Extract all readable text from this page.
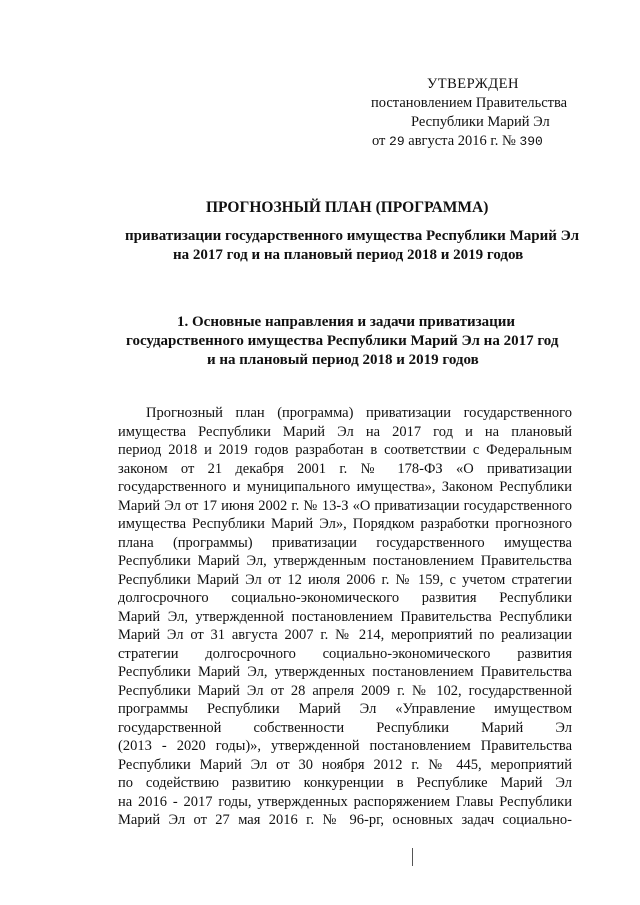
УТВЕРЖДЕН
постановлением Правительства
Республики Марий Эл
от 29 августа 2016 г. № 390
ПРОГНОЗНЫЙ ПЛАН (ПРОГРАММА)
приватизации государственного имущества Республики Марий Эл
на 2017 год и на плановый период 2018 и 2019 годов
1. Основные направления и задачи приватизации
государственного имущества Республики Марий Эл на 2017 год
и на плановый период 2018 и 2019 годов
Прогнозный план (программа) приватизации государственного
имущества Республики Марий Эл на 2017 год и на плановый
период 2018 и 2019 годов разработан в соответствии с Федеральным
законом от 21 декабря 2001 г. № 178-ФЗ «О приватизации
государственного и муниципального имущества», Законом Республики
Марий Эл от 17 июня 2002 г. № 13-З «О приватизации государственного
имущества Республики Марий Эл», Порядком разработки прогнозного
плана (программы) приватизации государственного имущества
Республики Марий Эл, утвержденным постановлением Правительства
Республики Марий Эл от 12 июля 2006 г. № 159, с учетом стратегии
долгосрочного социально-экономического развития Республики
Марий Эл, утвержденной постановлением Правительства Республики
Марий Эл от 31 августа 2007 г. № 214, мероприятий по реализации
стратегии долгосрочного социально-экономического развития
Республики Марий Эл, утвержденных постановлением Правительства
Республики Марий Эл от 28 апреля 2009 г. № 102, государственной
программы Республики Марий Эл «Управление имуществом
государственной собственности Республики Марий Эл
(2013 - 2020 годы)», утвержденной постановлением Правительства
Республики Марий Эл от 30 ноября 2012 г. № 445, мероприятий
по содействию развитию конкуренции в Республике Марий Эл
на 2016 - 2017 годы, утвержденных распоряжением Главы Республики
Марий Эл от 27 мая 2016 г. № 96-рг, основных задач социально-
